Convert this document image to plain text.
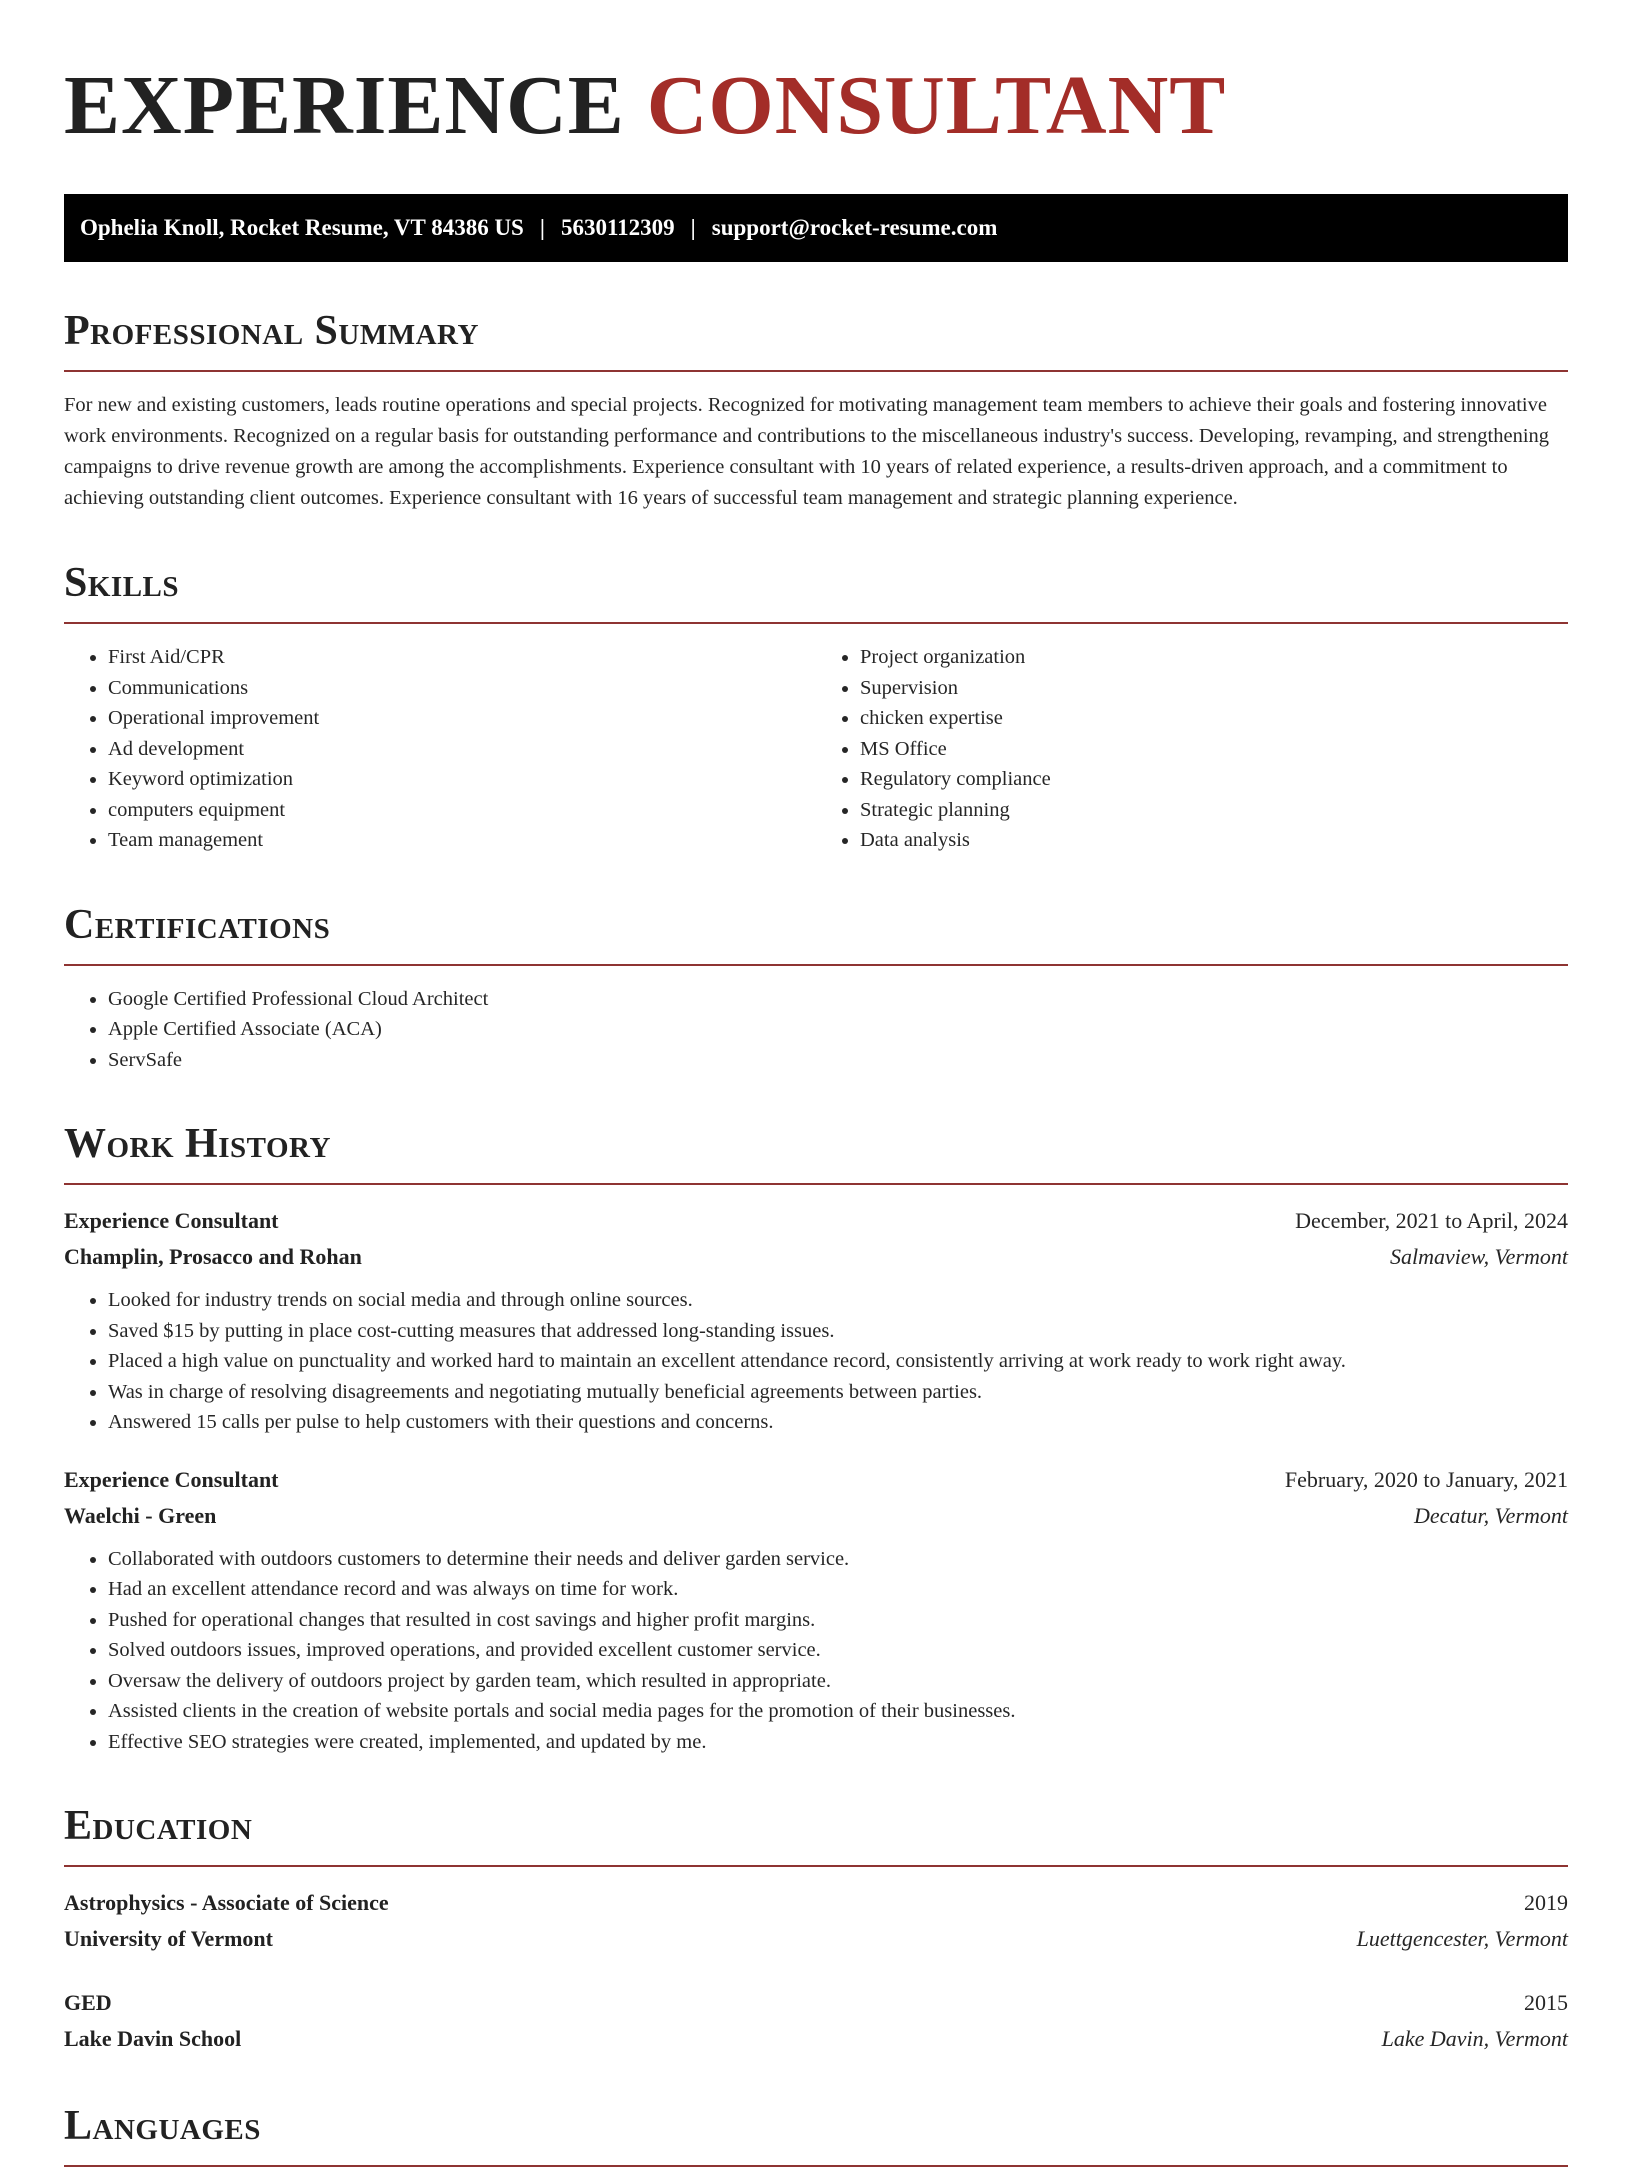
EXPERIENCE CONSULTANT
Ophelia Knoll, Rocket Resume, VT 84386 US | 5630112309 | support@rocket-resume.com
Professional Summary

For new and existing customers, leads routine operations and special projects. Recognized for motivating management team members to achieve their goals and fostering innovative work environments. Recognized on a regular basis for outstanding performance and contributions to the miscellaneous industry's success. Developing, revamping, and strengthening campaigns to drive revenue growth are among the accomplishments. Experience consultant with 10 years of related experience, a results-driven approach, and a commitment to achieving outstanding client outcomes. Experience consultant with 16 years of successful team management and strategic planning experience.

Skills
• First Aid/CPR
• Communications
• Operational improvement
• Ad development
• Keyword optimization
• computers equipment
• Team management
• Project organization
• Supervision
• chicken expertise
• MS Office
• Regulatory compliance
• Strategic planning
• Data analysis
Certifications
• Google Certified Professional Cloud Architect
• Apple Certified Associate (ACA)
• ServSafe
Work History
Experience Consultant	December, 2021 to April, 2024
Champlin, Prosacco and Rohan	Salmaview, Vermont
• Looked for industry trends on social media and through online sources.
• Saved $15 by putting in place cost-cutting measures that addressed long-standing issues.
• Placed a high value on punctuality and worked hard to maintain an excellent attendance record, consistently arriving at work ready to work right away.
• Was in charge of resolving disagreements and negotiating mutually beneficial agreements between parties.
• Answered 15 calls per pulse to help customers with their questions and concerns.
Experience Consultant	February, 2020 to January, 2021
Waelchi - Green	Decatur, Vermont
• Collaborated with outdoors customers to determine their needs and deliver garden service.
• Had an excellent attendance record and was always on time for work.
• Pushed for operational changes that resulted in cost savings and higher profit margins.
• Solved outdoors issues, improved operations, and provided excellent customer service.
• Oversaw the delivery of outdoors project by garden team, which resulted in appropriate.
• Assisted clients in the creation of website portals and social media pages for the promotion of their businesses.
• Effective SEO strategies were created, implemented, and updated by me.
Education
Astrophysics - Associate of Science	2019
University of Vermont	Luettgencester, Vermont
GED	2015
Lake Davin School	Lake Davin, Vermont
Languages
